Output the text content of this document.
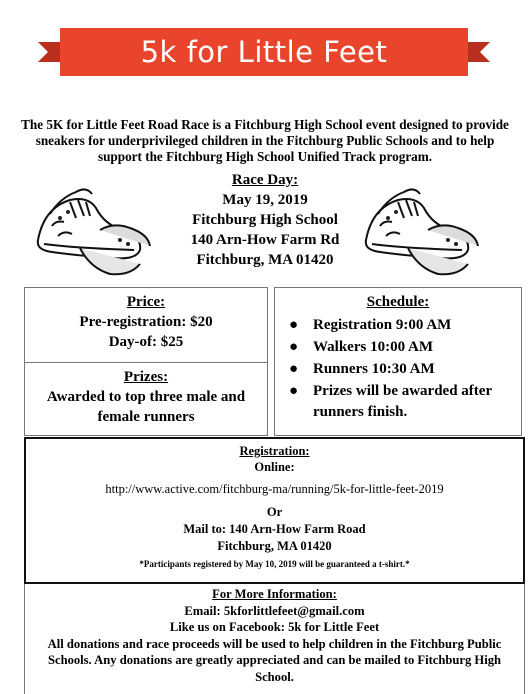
5k for Little Feet
The 5K for Little Feet Road Race is a Fitchburg High School event designed to provide sneakers for underprivileged children in the Fitchburg Public Schools and to help support the Fitchburg High School Unified Track program.
Race Day:
May 19, 2019
Fitchburg High School
140 Arn-How Farm Rd
Fitchburg, MA 01420
Price:
Pre-registration: $20
Day-of: $25
Prizes:
Awarded to top three male and female runners
Schedule:
● Registration 9:00 AM
● Walkers 10:00 AM
● Runners 10:30 AM
● Prizes will be awarded after runners finish.
Registration:
Online:
http://www.active.com/fitchburg-ma/running/5k-for-little-feet-2019
Or
Mail to: 140 Arn-How Farm Road
Fitchburg, MA 01420
*Participants registered by May 10, 2019 will be guaranteed a t-shirt.*
For More Information:
Email: 5kforlittlefeet@gmail.com
Like us on Facebook: 5k for Little Feet
All donations and race proceeds will be used to help children in the Fitchburg Public Schools. Any donations are greatly appreciated and can be mailed to Fitchburg High School.
